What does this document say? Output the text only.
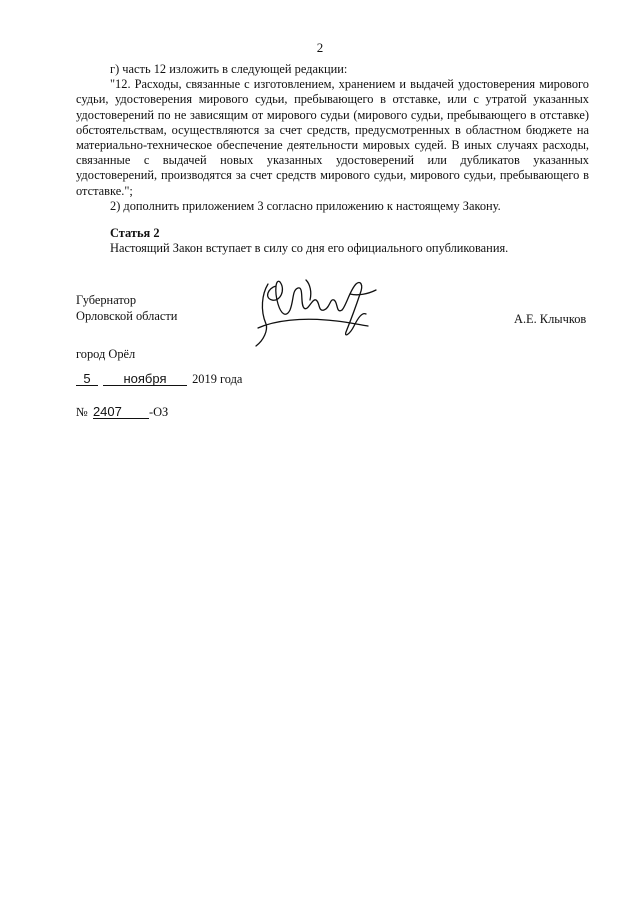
2

г) часть 12 изложить в следующей редакции:

"12. Расходы, связанные с изготовлением, хранением и выдачей удостоверения мирового судьи, удостоверения мирового судьи, пребывающего в отставке, или с утратой указанных удостоверений по не зависящим от мирового судьи (мирового судьи, пребывающего в отставке) обстоятельствам, осуществляются за счет средств, предусмотренных в областном бюджете на материально-техническое обеспечение деятельности мировых судей. В иных случаях расходы, связанные с выдачей новых указанных удостоверений или дубликатов указанных удостоверений, производятся за счет средств мирового судьи, мирового судьи, пребывающего в отставке.";

2) дополнить приложением 3 согласно приложению к настоящему Закону.

Статья 2

Настоящий Закон вступает в силу со дня его официального опубликования.

Губернатор
Орловской области	А.Е. Клычков
город Орёл
5	ноября 2019 года
№ 2407 -ОЗ
